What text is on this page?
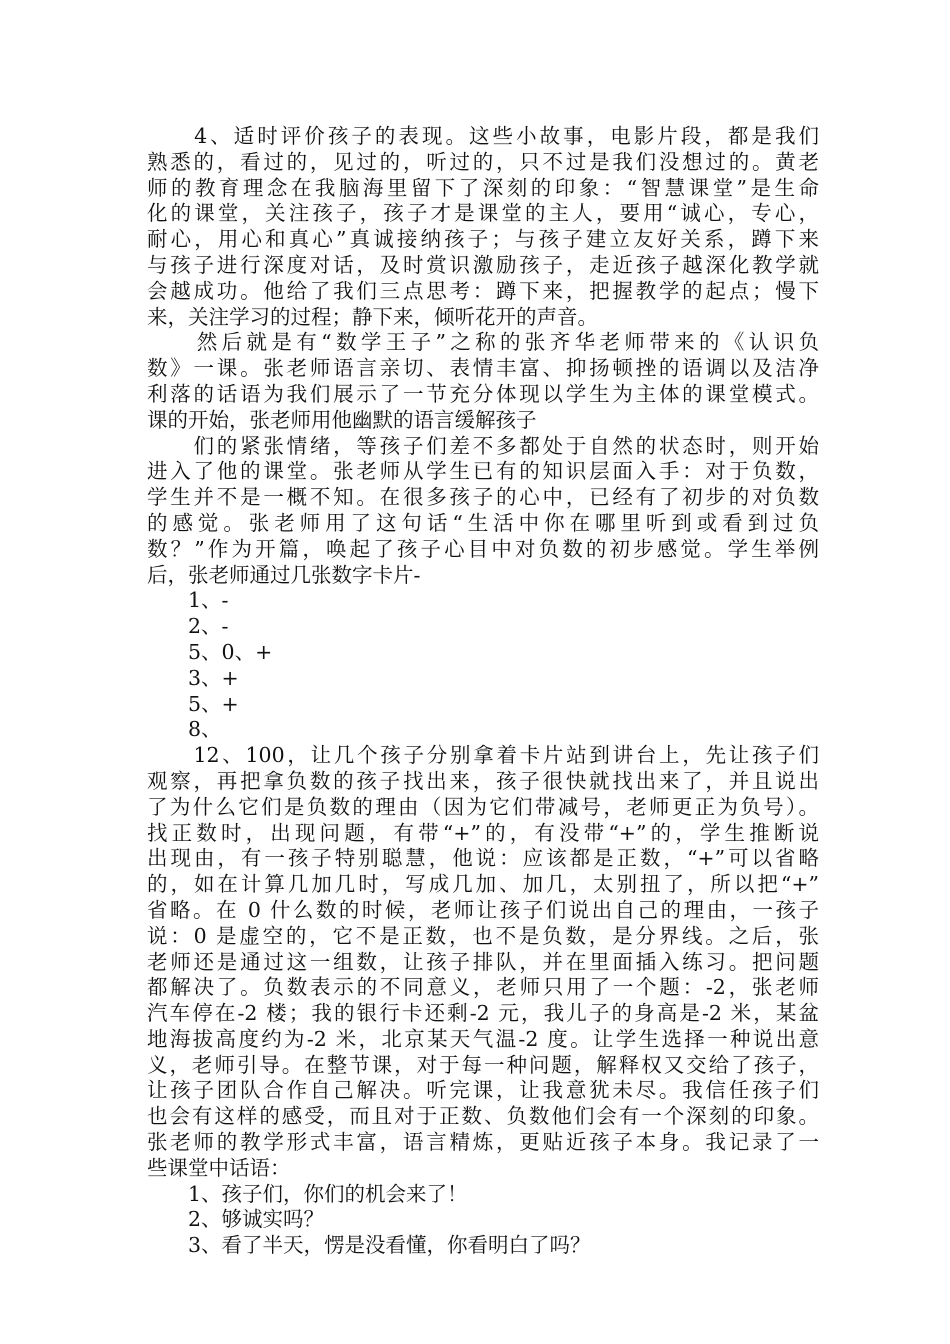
　　4、适时评价孩子的表现。这些小故事，电影片段，都是我们
熟悉的，看过的，见过的，听过的，只不过是我们没想过的。黄老
师的教育理念在我脑海里留下了深刻的印象：“智慧课堂”是生命
化的课堂，关注孩子，孩子才是课堂的主人，要用“诚心，专心，
耐心，用心和真心”真诚接纳孩子；与孩子建立友好关系，蹲下来
与孩子进行深度对话，及时赏识激励孩子，走近孩子越深化教学就
会越成功。他给了我们三点思考：蹲下来，把握教学的起点；慢下
来，关注学习的过程；静下来，倾听花开的声音。
　　然后就是有“数学王子”之称的张齐华老师带来的《认识负
数》一课。张老师语言亲切、表情丰富、抑扬顿挫的语调以及洁净
利落的话语为我们展示了一节充分体现以学生为主体的课堂模式。
课的开始，张老师用他幽默的语言缓解孩子
　　们的紧张情绪，等孩子们差不多都处于自然的状态时，则开始
进入了他的课堂。张老师从学生已有的知识层面入手：对于负数，
学生并不是一概不知。在很多孩子的心中，已经有了初步的对负数
的感觉。张老师用了这句话“生活中你在哪里听到或看到过负
数？”作为开篇，唤起了孩子心目中对负数的初步感觉。学生举例
后，张老师通过几张数字卡片-
　　1、-
　　2、-
　　5、0、+
　　3、+
　　5、+
　　8、
　　12、100，让几个孩子分别拿着卡片站到讲台上，先让孩子们
观察，再把拿负数的孩子找出来，孩子很快就找出来了，并且说出
了为什么它们是负数的理由（因为它们带减号，老师更正为负号）。
找正数时，出现问题，有带“+”的，有没带“+”的，学生推断说
出现由，有一孩子特别聪慧，他说：应该都是正数，“+”可以省略
的，如在计算几加几时，写成几加、加几，太别扭了，所以把“+”
省略。在 0 什么数的时候，老师让孩子们说出自己的理由，一孩子
说：0 是虚空的，它不是正数，也不是负数，是分界线。之后，张
老师还是通过这一组数，让孩子排队，并在里面插入练习。把问题
都解决了。负数表示的不同意义，老师只用了一个题：-2，张老师
汽车停在-2 楼；我的银行卡还剩-2 元，我儿子的身高是-2 米，某盆
地海拔高度约为-2 米，北京某天气温-2 度。让学生选择一种说出意
义，老师引导。在整节课，对于每一种问题，解释权又交给了孩子，
让孩子团队合作自己解决。听完课，让我意犹未尽。我信任孩子们
也会有这样的感受，而且对于正数、负数他们会有一个深刻的印象。
张老师的教学形式丰富，语言精炼，更贴近孩子本身。我记录了一
些课堂中话语：
　　1、孩子们，你们的机会来了！
　　2、够诚实吗？
　　3、看了半天，愣是没看懂，你看明白了吗？
